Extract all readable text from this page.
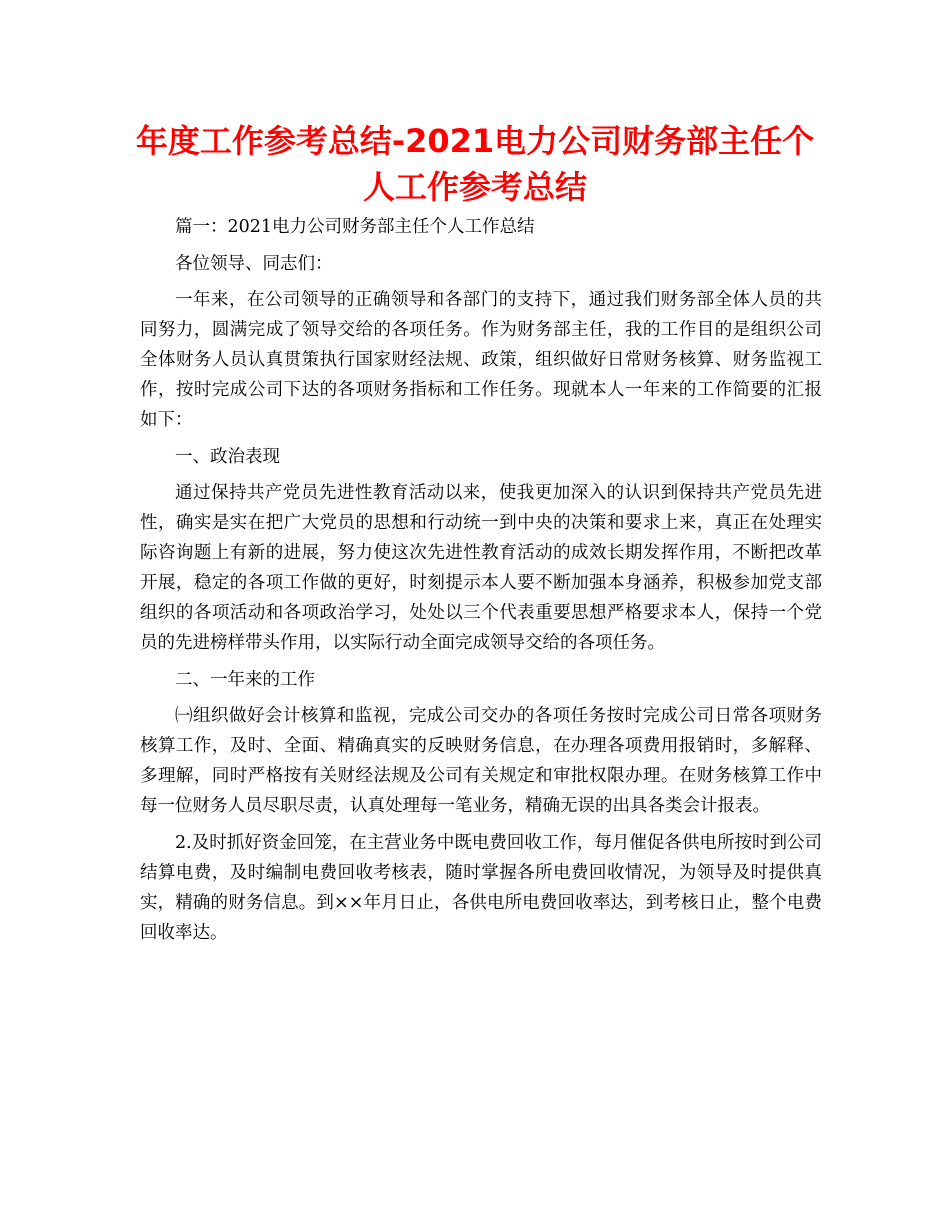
年度工作参考总结-2021电力公司财务部主任个人工作参考总结

篇一：2021电力公司财务部主任个人工作总结

各位领导、同志们：

一年来，在公司领导的正确领导和各部门的支持下，通过我们财务部全体人员的共同努力，圆满完成了领导交给的各项任务。作为财务部主任，我的工作目的是组织公司全体财务人员认真贯策执行国家财经法规、政策，组织做好日常财务核算、财务监视工作，按时完成公司下达的各项财务指标和工作任务。现就本人一年来的工作简要的汇报如下：

一、政治表现

通过保持共产党员先进性教育活动以来，使我更加深入的认识到保持共产党员先进性，确实是实在把广大党员的思想和行动统一到中央的决策和要求上来，真正在处理实际咨询题上有新的进展，努力使这次先进性教育活动的成效长期发挥作用，不断把改革开展，稳定的各项工作做的更好，时刻提示本人要不断加强本身涵养，积极参加党支部组织的各项活动和各项政治学习，处处以三个代表重要思想严格要求本人，保持一个党员的先进榜样带头作用，以实际行动全面完成领导交给的各项任务。

二、一年来的工作

㈠组织做好会计核算和监视，完成公司交办的各项任务按时完成公司日常各项财务核算工作，及时、全面、精确真实的反映财务信息，在办理各项费用报销时，多解释、多理解，同时严格按有关财经法规及公司有关规定和审批权限办理。在财务核算工作中每一位财务人员尽职尽责，认真处理每一笔业务，精确无误的出具各类会计报表。

2.及时抓好资金回笼，在主营业务中既电费回收工作，每月催促各供电所按时到公司结算电费，及时编制电费回收考核表，随时掌握各所电费回收情况，为领导及时提供真实，精确的财务信息。到××年月日止，各供电所电费回收率达，到考核日止，整个电费回收率达。
